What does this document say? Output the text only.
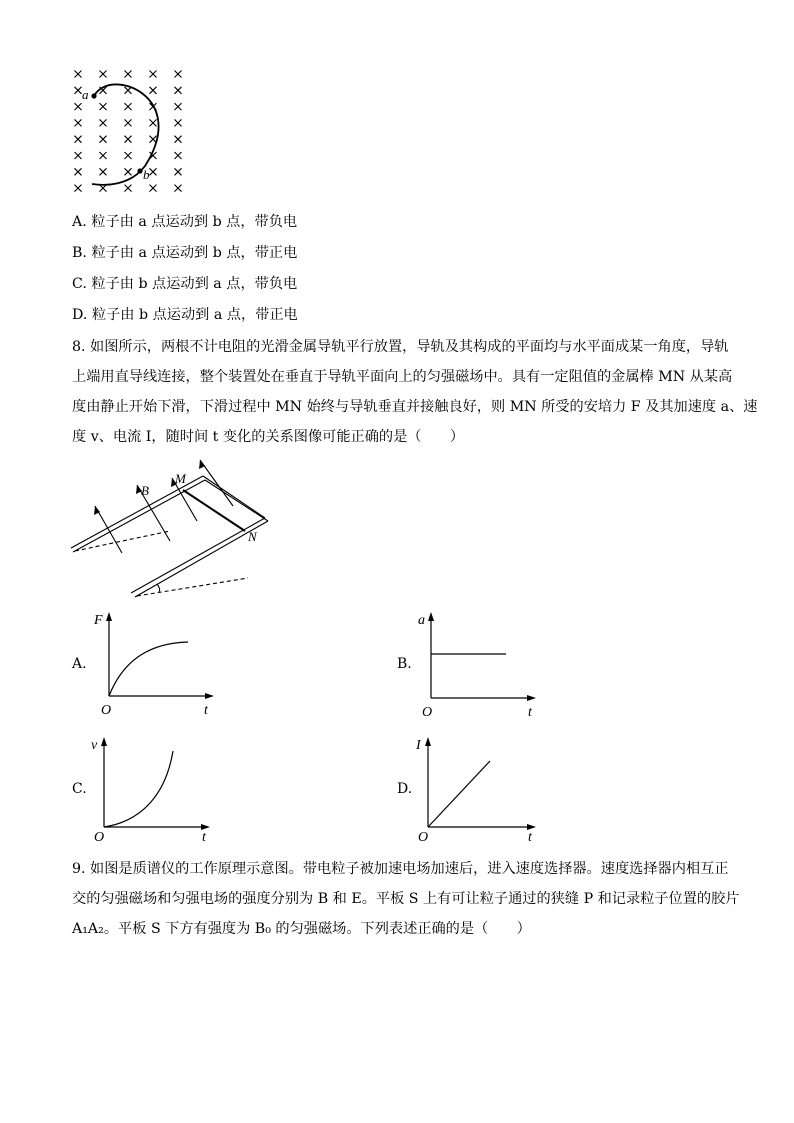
a
b
A. 粒子由 a 点运动到 b 点，带负电
B. 粒子由 a 点运动到 b 点，带正电
C. 粒子由 b 点运动到 a 点，带负电
D. 粒子由 b 点运动到 a 点，带正电
8. 如图所示，两根不计电阻的光滑金属导轨平行放置，导轨及其构成的平面均与水平面成某一角度，导轨
上端用直导线连接，整个装置处在垂直于导轨平面向上的匀强磁场中。具有一定阻值的金属棒 MN 从某高
度由静止开始下滑，下滑过程中 MN 始终与导轨垂直并接触良好，则 MN 所受的安培力 F 及其加速度 a、速
度 v、电流 I，随时间 t 变化的关系图像可能正确的是（　　）
B
M
N
A.
F
t
O
B.
a
t
O
C.
v
t
O
D.
I
t
O
9. 如图是质谱仪的工作原理示意图。带电粒子被加速电场加速后，进入速度选择器。速度选择器内相互正
交的匀强磁场和匀强电场的强度分别为 B 和 E。平板 S 上有可让粒子通过的狭缝 P 和记录粒子位置的胶片
A₁A₂。平板 S 下方有强度为 B₀ 的匀强磁场。下列表述正确的是（　　）
